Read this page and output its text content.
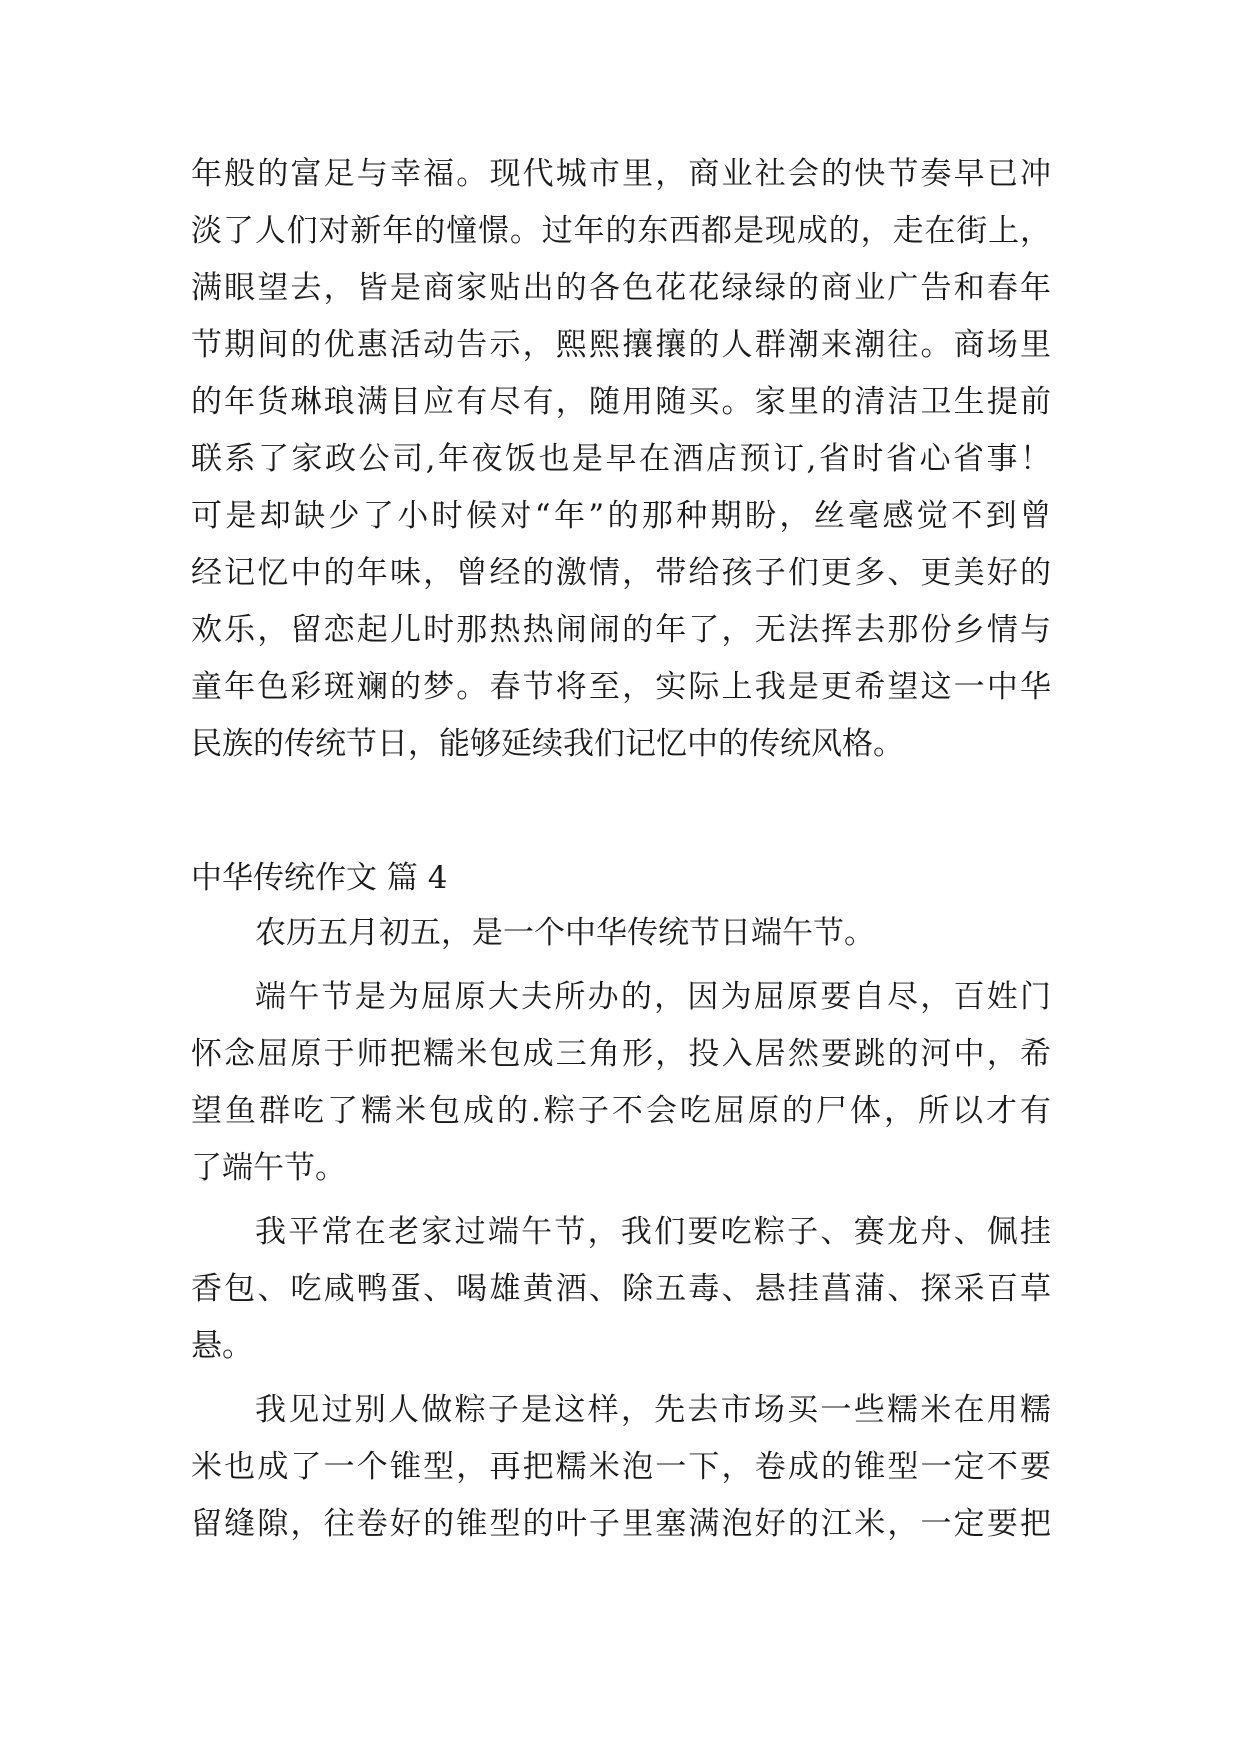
年般的富足与幸福。现代城市里，商业社会的快节奏早已冲
淡了人们对新年的憧憬。过年的东西都是现成的，走在街上，
满眼望去，皆是商家贴出的各色花花绿绿的商业广告和春年
节期间的优惠活动告示，熙熙攘攘的人群潮来潮往。商场里
的年货琳琅满目应有尽有，随用随买。家里的清洁卫生提前
联系了家政公司,年夜饭也是早在酒店预订,省时省心省事！
可是却缺少了小时候对“年”的那种期盼，丝毫感觉不到曾
经记忆中的年味，曾经的激情，带给孩子们更多、更美好的
欢乐，留恋起儿时那热热闹闹的年了，无法挥去那份乡情与
童年色彩斑斓的梦。春节将至，实际上我是更希望这一中华
民族的传统节日，能够延续我们记忆中的传统风格。
中华传统作文 篇 4
农历五月初五，是一个中华传统节日端午节。
端午节是为屈原大夫所办的，因为屈原要自尽，百姓门
怀念屈原于师把糯米包成三角形，投入居然要跳的河中，希
望鱼群吃了糯米包成的.粽子不会吃屈原的尸体，所以才有
了端午节。
我平常在老家过端午节，我们要吃粽子、赛龙舟、佩挂
香包、吃咸鸭蛋、喝雄黄酒、除五毒、悬挂菖蒲、探采百草
悬。
我见过别人做粽子是这样，先去市场买一些糯米在用糯
米也成了一个锥型，再把糯米泡一下，卷成的锥型一定不要
留缝隙，往卷好的锥型的叶子里塞满泡好的江米，一定要把
